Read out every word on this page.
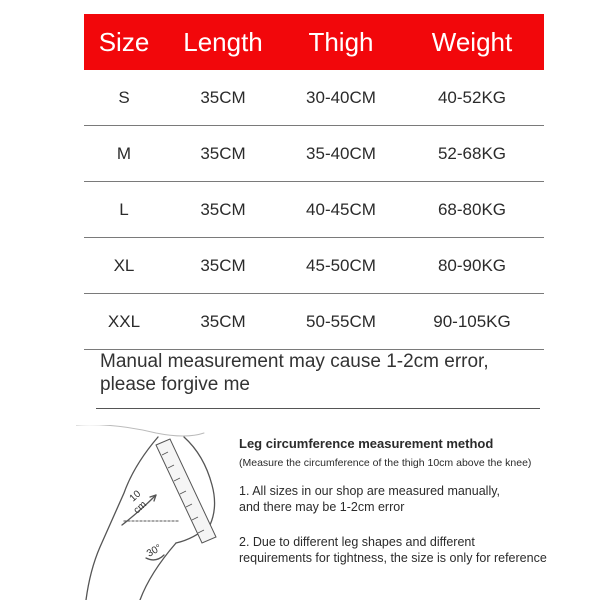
Size	Length	Thigh	Weight
S	35CM	30-40CM	40-52KG
M	35CM	35-40CM	52-68KG
L	35CM	40-45CM	68-80KG
XL	35CM	45-50CM	80-90KG
XXL	35CM	50-55CM	90-105KG
Manual measurement may cause 1-2cm error,
please forgive me
10
cm
30°
Leg circumference measurement method
(Measure the circumference of the thigh 10cm above the knee)
1. All sizes in our shop are measured manually,
and there may be 1-2cm error
2. Due to different leg shapes and different
requirements for tightness, the size is only for reference
